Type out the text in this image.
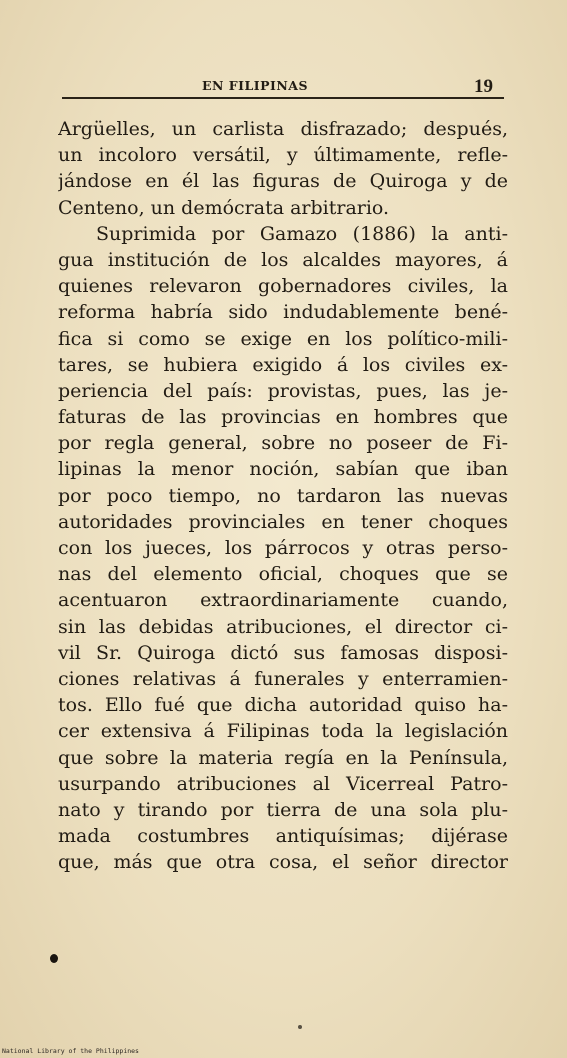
EN FILIPINAS	19
Argüelles, un carlista disfrazado; después,
un incoloro versátil, y últimamente, refle-
jándose en él las figuras de Quiroga y de
Centeno, un demócrata arbitrario.
Suprimida por Gamazo (1886) la anti-
gua institución de los alcaldes mayores, á
quienes relevaron gobernadores civiles, la
reforma habría sido indudablemente bené-
fica si como se exige en los político-mili-
tares, se hubiera exigido á los civiles ex-
periencia del país: provistas, pues, las je-
faturas de las provincias en hombres que
por regla general, sobre no poseer de Fi-
lipinas la menor noción, sabían que iban
por poco tiempo, no tardaron las nuevas
autoridades provinciales en tener choques
con los jueces, los párrocos y otras perso-
nas del elemento oficial, choques que se
acentuaron extraordinariamente cuando,
sin las debidas atribuciones, el director ci-
vil Sr. Quiroga dictó sus famosas disposi-
ciones relativas á funerales y enterramien-
tos. Ello fué que dicha autoridad quiso ha-
cer extensiva á Filipinas toda la legislación
que sobre la materia regía en la Península,
usurpando atribuciones al Vicerreal Patro-
nato y tirando por tierra de una sola plu-
mada costumbres antiquísimas; dijérase
que, más que otra cosa, el señor director
National Library of the Philippines
